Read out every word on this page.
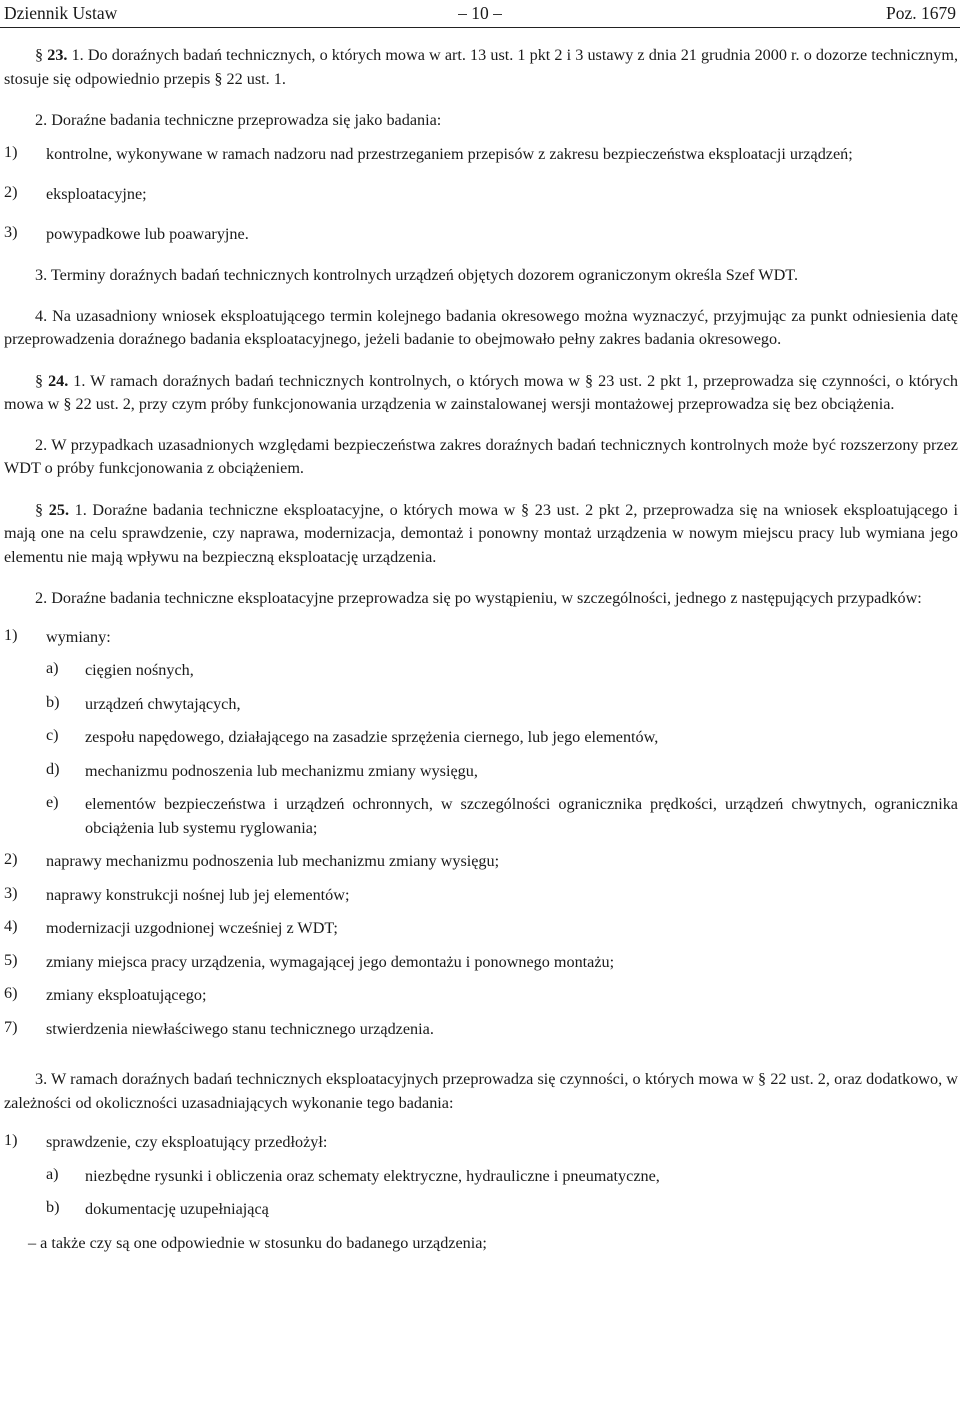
Dziennik Ustaw	– 10 –	Poz. 1679

§ 23. 1. Do doraźnych badań technicznych, o których mowa w art. 13 ust. 1 pkt 2 i 3 ustawy z dnia 21 grudnia 2000 r. o dozorze technicznym, stosuje się odpowiednio przepis § 22 ust. 1.

2. Doraźne badania techniczne przeprowadza się jako badania:

1)	kontrolne, wykonywane w ramach nadzoru nad przestrzeganiem przepisów z zakresu bezpieczeństwa eksploatacji urządzeń;
2)	eksploatacyjne;
3)	powypadkowe lub poawaryjne.

3. Terminy doraźnych badań technicznych kontrolnych urządzeń objętych dozorem ograniczonym określa Szef WDT.

4. Na uzasadniony wniosek eksploatującego termin kolejnego badania okresowego można wyznaczyć, przyjmując za punkt odniesienia datę przeprowadzenia doraźnego badania eksploatacyjnego, jeżeli badanie to obejmowało pełny zakres badania okresowego.

§ 24. 1. W ramach doraźnych badań technicznych kontrolnych, o których mowa w § 23 ust. 2 pkt 1, przeprowadza się czynności, o których mowa w § 22 ust. 2, przy czym próby funkcjonowania urządzenia w zainstalowanej wersji montażowej przeprowadza się bez obciążenia.

2. W przypadkach uzasadnionych względami bezpieczeństwa zakres doraźnych badań technicznych kontrolnych może być rozszerzony przez WDT o próby funkcjonowania z obciążeniem.

§ 25. 1. Doraźne badania techniczne eksploatacyjne, o których mowa w § 23 ust. 2 pkt 2, przeprowadza się na wniosek eksploatującego i mają one na celu sprawdzenie, czy naprawa, modernizacja, demontaż i ponowny montaż urządzenia w nowym miejscu pracy lub wymiana jego elementu nie mają wpływu na bezpieczną eksploatację urządzenia.

2. Doraźne badania techniczne eksploatacyjne przeprowadza się po wystąpieniu, w szczególności, jednego z następujących przypadków:

1)	wymiany:
a)	cięgien nośnych,
b)	urządzeń chwytających,
c)	zespołu napędowego, działającego na zasadzie sprzężenia ciernego, lub jego elementów,
d)	mechanizmu podnoszenia lub mechanizmu zmiany wysięgu,
e)	elementów bezpieczeństwa i urządzeń ochronnych, w szczególności ogranicznika prędkości, urządzeń chwytnych, ogranicznika obciążenia lub systemu ryglowania;
2)	naprawy mechanizmu podnoszenia lub mechanizmu zmiany wysięgu;
3)	naprawy konstrukcji nośnej lub jej elementów;
4)	modernizacji uzgodnionej wcześniej z WDT;
5)	zmiany miejsca pracy urządzenia, wymagającej jego demontażu i ponownego montażu;
6)	zmiany eksploatującego;
7)	stwierdzenia niewłaściwego stanu technicznego urządzenia.

3. W ramach doraźnych badań technicznych eksploatacyjnych przeprowadza się czynności, o których mowa w § 22 ust. 2, oraz dodatkowo, w zależności od okoliczności uzasadniających wykonanie tego badania:

1)	sprawdzenie, czy eksploatujący przedłożył:
a)	niezbędne rysunki i obliczenia oraz schematy elektryczne, hydrauliczne i pneumatyczne,
b)	dokumentację uzupełniającą

– a także czy są one odpowiednie w stosunku do badanego urządzenia;
